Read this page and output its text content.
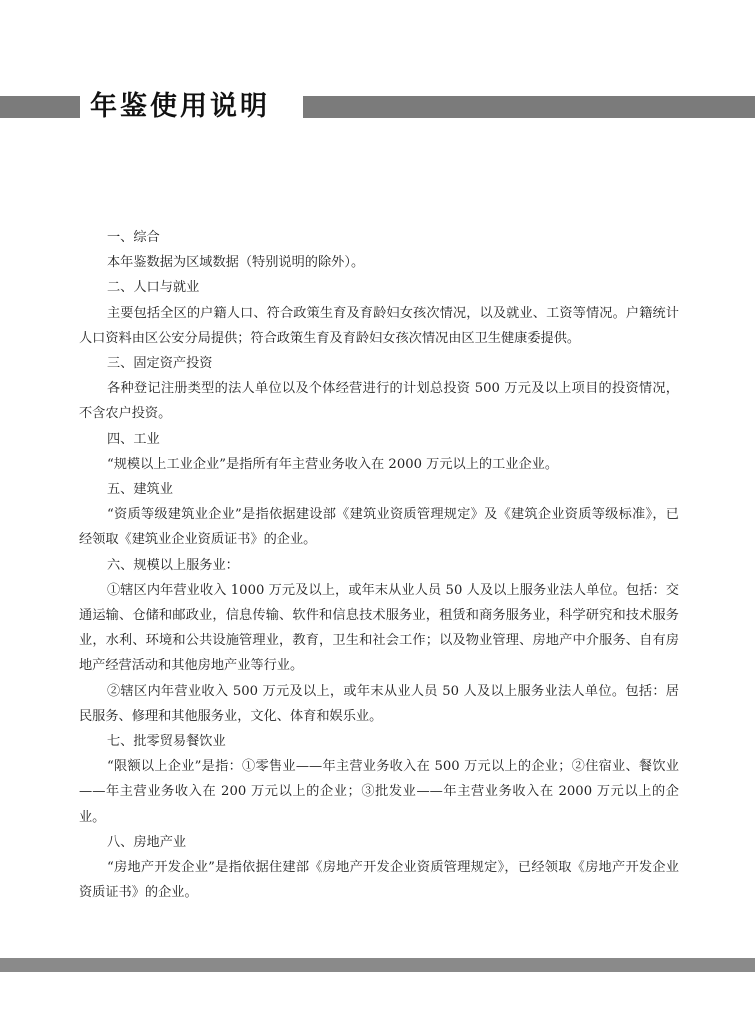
年鉴使用说明
一、综合
本年鉴数据为区域数据（特别说明的除外）。
二、人口与就业
主要包括全区的户籍人口、符合政策生育及育龄妇女孩次情况，以及就业、工资等情况。户籍统计人口资料由区公安分局提供；符合政策生育及育龄妇女孩次情况由区卫生健康委提供。
三、固定资产投资
各种登记注册类型的法人单位以及个体经营进行的计划总投资 500 万元及以上项目的投资情况，不含农户投资。
四、工业
“规模以上工业企业”是指所有年主营业务收入在 2000 万元以上的工业企业。
五、建筑业
“资质等级建筑业企业”是指依据建设部《建筑业资质管理规定》及《建筑企业资质等级标准》，已经领取《建筑业企业资质证书》的企业。
六、规模以上服务业：
①辖区内年营业收入 1000 万元及以上，或年末从业人员 50 人及以上服务业法人单位。包括：交通运输、仓储和邮政业，信息传输、软件和信息技术服务业，租赁和商务服务业，科学研究和技术服务业，水利、环境和公共设施管理业，教育，卫生和社会工作；以及物业管理、房地产中介服务、自有房地产经营活动和其他房地产业等行业。
②辖区内年营业收入 500 万元及以上，或年末从业人员 50 人及以上服务业法人单位。包括：居民服务、修理和其他服务业，文化、体育和娱乐业。
七、批零贸易餐饮业
“限额以上企业”是指：①零售业——年主营业务收入在 500 万元以上的企业；②住宿业、餐饮业——年主营业务收入在 200 万元以上的企业；③批发业——年主营业务收入在 2000 万元以上的企业。
八、房地产业
“房地产开发企业”是指依据住建部《房地产开发企业资质管理规定》，已经领取《房地产开发企业资质证书》的企业。
